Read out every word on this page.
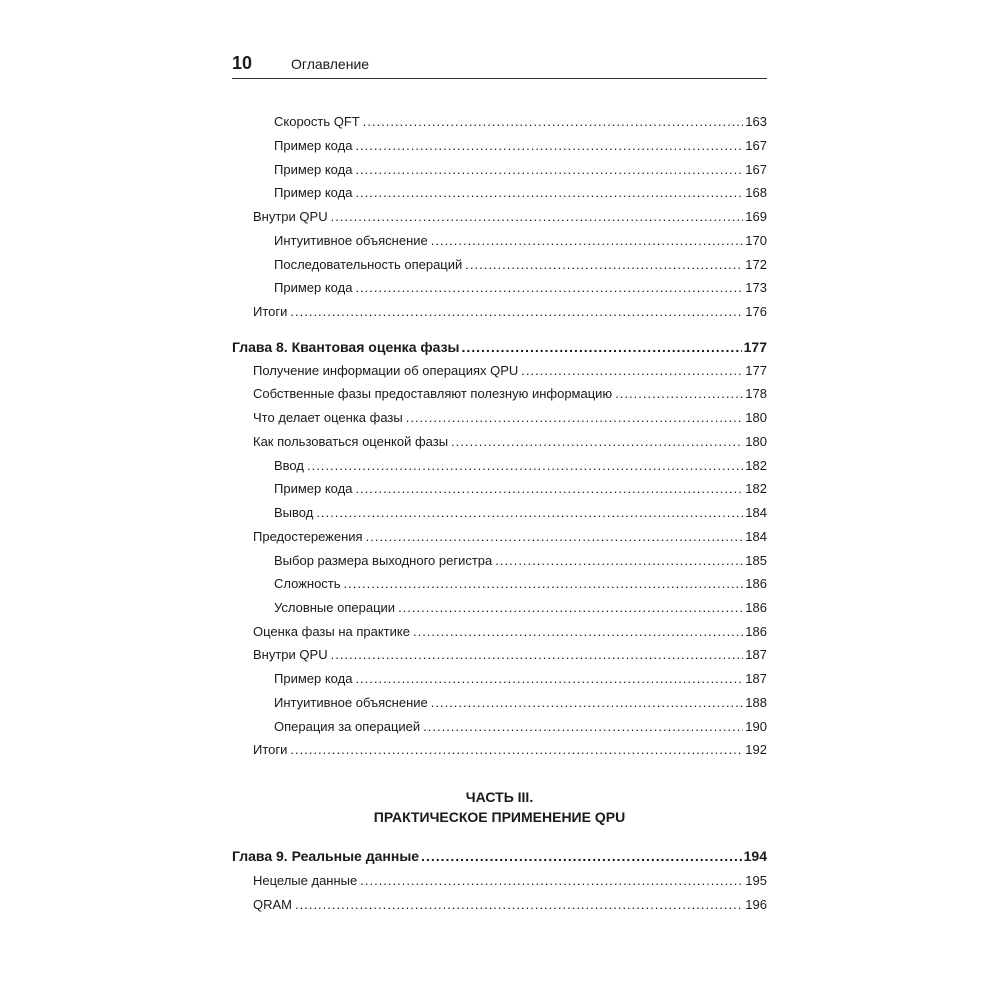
10	Оглавление
Скорость QFT .....	163
Пример кода .....	167
Пример кода .....	167
Пример кода .....	168
Внутри QPU .....	169
Интуитивное объяснение .....	170
Последовательность операций .....	172
Пример кода .....	173
Итоги .....	176
Глава 8. Квантовая оценка фазы .....	177
Получение информации об операциях QPU .....	177
Собственные фазы предоставляют полезную информацию .....	178
Что делает оценка фазы .....	180
Как пользоваться оценкой фазы .....	180
Ввод .....	182
Пример кода .....	182
Вывод .....	184
Предостережения .....	184
Выбор размера выходного регистра .....	185
Сложность .....	186
Условные операции .....	186
Оценка фазы на практике .....	186
Внутри QPU .....	187
Пример кода .....	187
Интуитивное объяснение .....	188
Операция за операцией .....	190
Итоги .....	192
Глава 9. Реальные данные .....	194
Нецелые данные .....	195
QRAM .....	196
ЧАСТЬ III.
ПРАКТИЧЕСКОЕ ПРИМЕНЕНИЕ QPU
